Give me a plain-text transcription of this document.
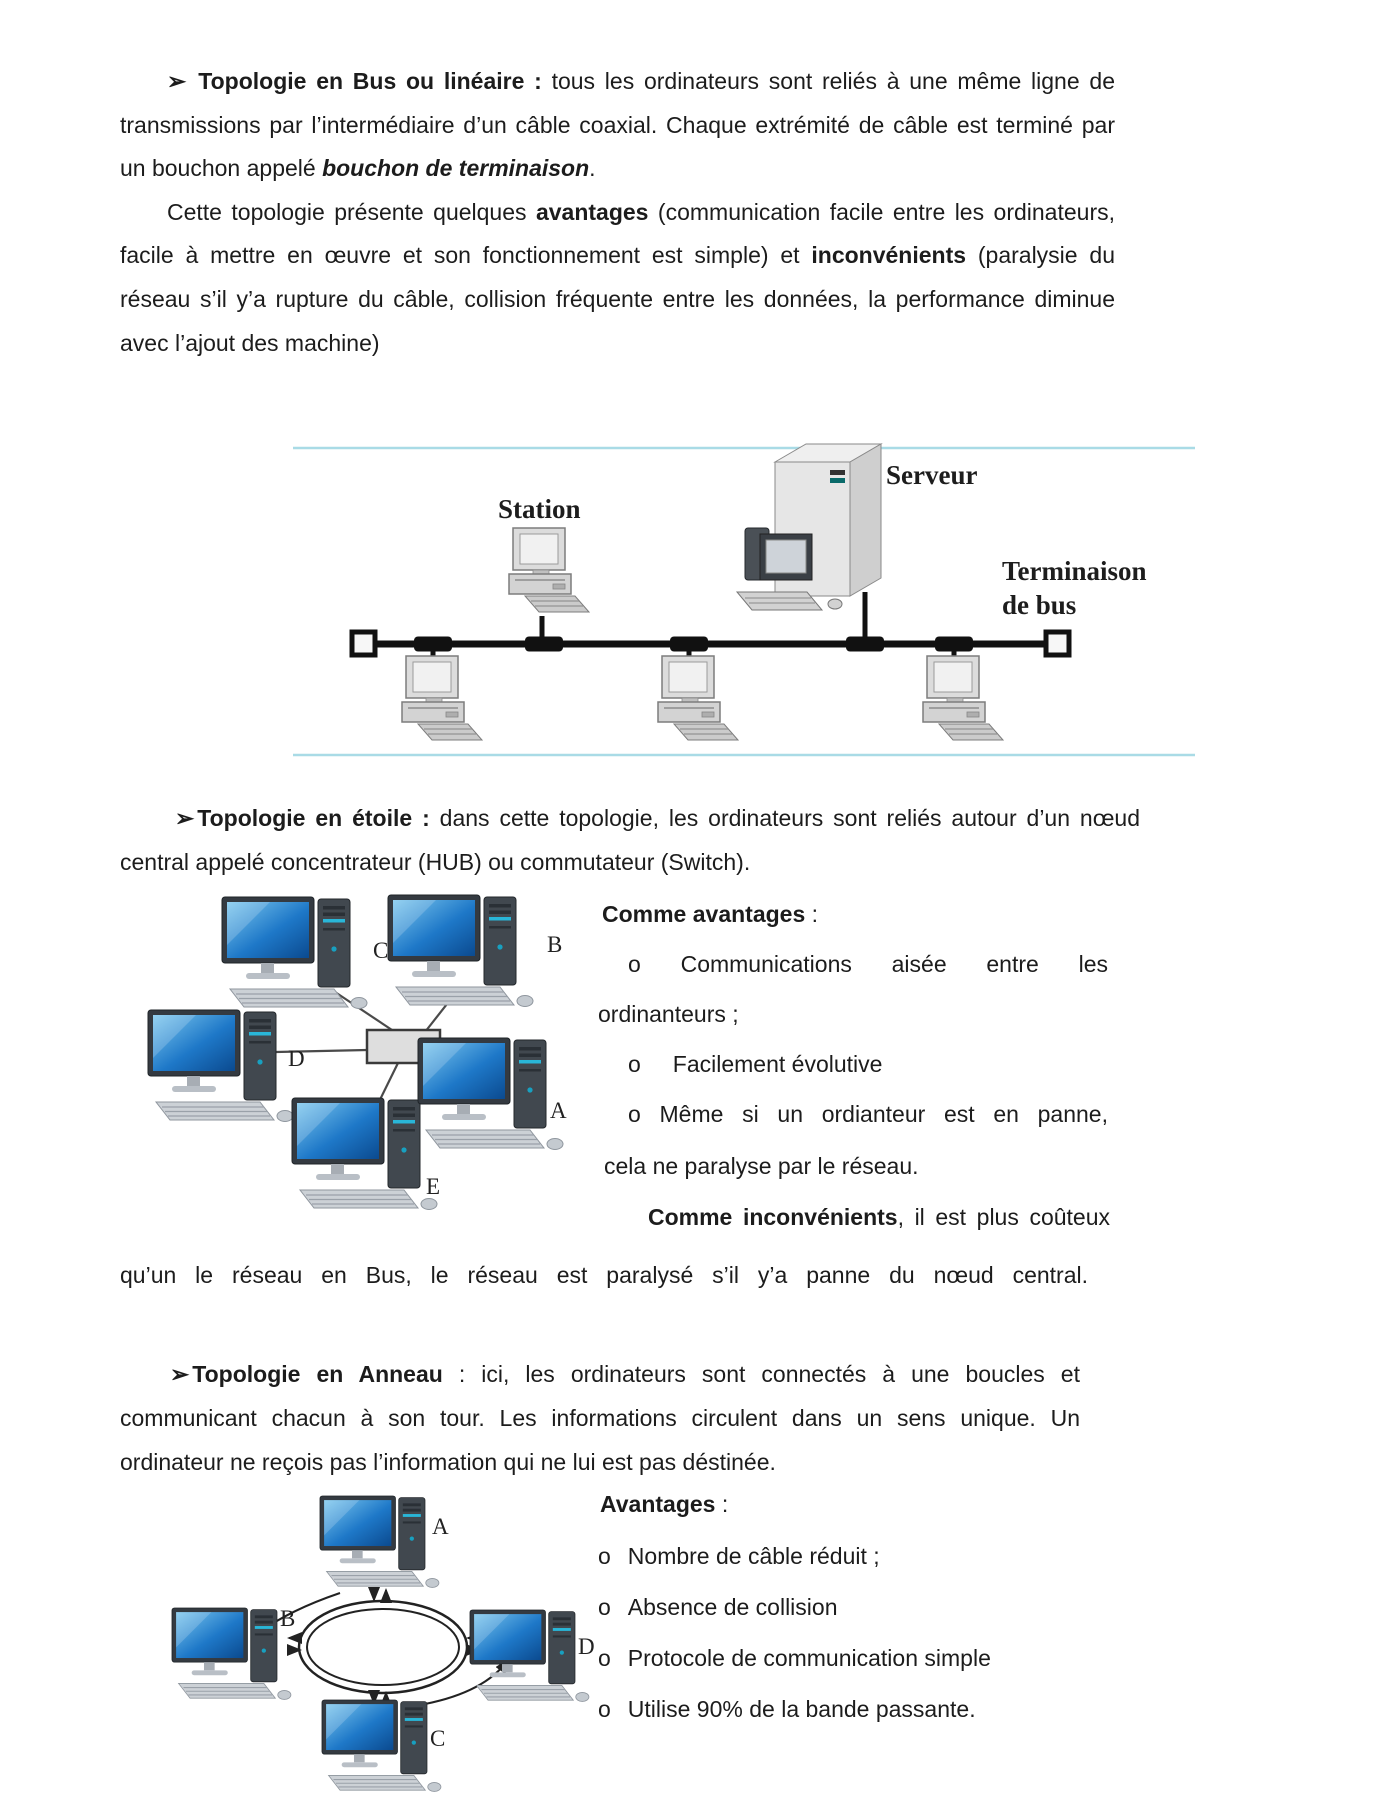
➢ Topologie en Bus ou linéaire : tous les ordinateurs sont reliés à une même ligne de transmissions par l’intermédiaire d’un câble coaxial. Chaque extrémité de câble est terminé par un bouchon appelé bouchon de terminaison.

Cette topologie présente quelques avantages (communication facile entre les ordinateurs, facile à mettre en œuvre et son fonctionnement est simple) et inconvénients (paralysie du réseau s’il y’a rupture du câble, collision fréquente entre les données, la performance diminue avec l’ajout des machine)

Station
Serveur
Terminaison
de bus

➢ Topologie en étoile : dans cette topologie, les ordinateurs sont reliés autour d’un nœud central appelé concentrateur (HUB) ou commutateur (Switch).

C	B
D
E
A
Comme avantages :
o Communications aisée entre les
ordinanteurs ;
o Facilement évolutive
o Même si un ordianteur est en panne,
cela ne paralyse par le réseau.
Comme inconvénients, il est plus coûteux
qu’un le réseau en Bus, le réseau est paralysé s’il y’a panne du nœud central.

➢ Topologie en Anneau : ici, les ordinateurs sont connectés à une boucles et communicant chacun à son tour. Les informations circulent dans un sens unique. Un ordinateur ne reçois pas l’information qui ne lui est pas déstinée.

Avantages :
o Nombre de câble réduit ;
o Absence de collision
o Protocole de communication simple
o Utilise 90% de la bande passante.
A
B
D
C
